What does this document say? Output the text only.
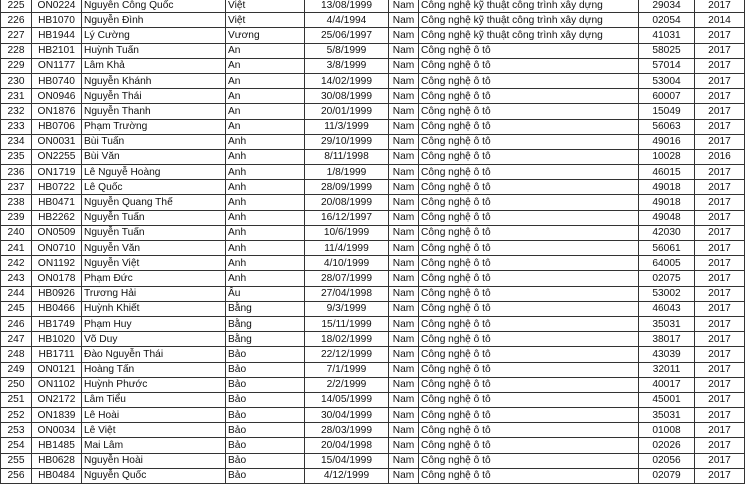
225	ON0224	Nguyễn Công Quốc	Việt	13/08/1999	Nam	Công nghệ kỹ thuật công trình xây dựng	29034	2017
226	HB1070	Nguyễn Đình	Việt	4/4/1994	Nam	Công nghệ kỹ thuật công trình xây dựng	02054	2014
227	HB1944	Lý Cường	Vương	25/06/1997	Nam	Công nghệ kỹ thuật công trình xây dựng	41031	2017
228	HB2101	Huỳnh Tuấn	An	5/8/1999	Nam	Công nghệ ô tô	58025	2017
229	ON1177	Lâm Khả	An	3/8/1999	Nam	Công nghệ ô tô	57014	2017
230	HB0740	Nguyễn Khánh	An	14/02/1999	Nam	Công nghệ ô tô	53004	2017
231	ON0946	Nguyễn Thái	An	30/08/1999	Nam	Công nghệ ô tô	60007	2017
232	ON1876	Nguyễn Thanh	An	20/01/1999	Nam	Công nghệ ô tô	15049	2017
233	HB0706	Phạm Trường	An	11/3/1999	Nam	Công nghệ ô tô	56063	2017
234	ON0031	Bùi Tuấn	Anh	29/10/1999	Nam	Công nghệ ô tô	49016	2017
235	ON2255	Bùi Văn	Anh	8/11/1998	Nam	Công nghệ ô tô	10028	2016
236	ON1719	Lê Nguyễ Hoàng	Anh	1/8/1999	Nam	Công nghệ ô tô	46015	2017
237	HB0722	Lê Quốc	Anh	28/09/1999	Nam	Công nghệ ô tô	49018	2017
238	HB0471	Nguyễn Quang Thế	Anh	20/08/1999	Nam	Công nghệ ô tô	49018	2017
239	HB2262	Nguyễn Tuấn	Anh	16/12/1997	Nam	Công nghệ ô tô	49048	2017
240	ON0509	Nguyễn Tuấn	Anh	10/6/1999	Nam	Công nghệ ô tô	42030	2017
241	ON0710	Nguyễn Văn	Anh	11/4/1999	Nam	Công nghệ ô tô	56061	2017
242	ON1192	Nguyễn Việt	Anh	4/10/1999	Nam	Công nghệ ô tô	64005	2017
243	ON0178	Phạm Đức	Anh	28/07/1999	Nam	Công nghệ ô tô	02075	2017
244	HB0926	Trương Hải	Âu	27/04/1998	Nam	Công nghệ ô tô	53002	2017
245	HB0466	Huỳnh Khiết	Bằng	9/3/1999	Nam	Công nghệ ô tô	46043	2017
246	HB1749	Phạm Huy	Bằng	15/11/1999	Nam	Công nghệ ô tô	35031	2017
247	HB1020	Võ Duy	Bằng	18/02/1999	Nam	Công nghệ ô tô	38017	2017
248	HB1711	Đào Nguyễn Thái	Bảo	22/12/1999	Nam	Công nghệ ô tô	43039	2017
249	ON0121	Hoàng Tấn	Bảo	7/1/1999	Nam	Công nghệ ô tô	32011	2017
250	ON1102	Huỳnh Phước	Bảo	2/2/1999	Nam	Công nghệ ô tô	40017	2017
251	ON2172	Lâm Tiểu	Bảo	14/05/1999	Nam	Công nghệ ô tô	45001	2017
252	ON1839	Lê Hoài	Bảo	30/04/1999	Nam	Công nghệ ô tô	35031	2017
253	ON0034	Lê Việt	Bảo	28/03/1999	Nam	Công nghệ ô tô	01008	2017
254	HB1485	Mai Lâm	Bảo	20/04/1998	Nam	Công nghệ ô tô	02026	2017
255	HB0628	Nguyễn Hoài	Bảo	15/04/1999	Nam	Công nghệ ô tô	02056	2017
256	HB0484	Nguyễn Quốc	Bảo	4/12/1999	Nam	Công nghệ ô tô	02079	2017
